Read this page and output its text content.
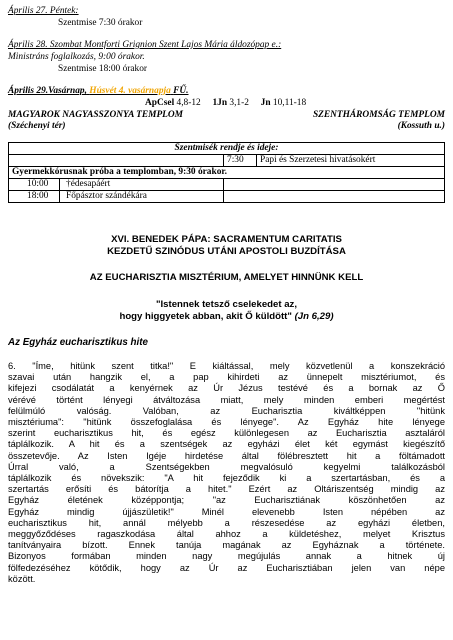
Április 27. Péntek:
Szentmise 7:30 órakor
Április 28. Szombat Montforti Grignion Szent Lajos Mária áldozópap e.:
Ministráns foglalkozás, 9:00 órakor.
Szentmise 18:00 órakor
Április 29.Vasárnap, Húsvét 4. vasárnapja FŰ.
ApCsel 4,8-12 1Jn 3,1-2 Jn 10,11-18
MAGYAROK NAGYASSZONYA TEMPLOM	SZENTHÁROMSÁG TEMPLOM
(Széchenyi tér)	(Kossuth u.)
Szentmisék rendje és ideje:		
	7:30	Papi és Szerzetesi hivatásokért
Gyermekkórusnak próba a templomban, 9:30 órakor.		
10:00 †édesapáért		
18:00 Főpásztor szándékára		
XVI. BENEDEK PÁPA: SACRAMENTUM CARITATIS
KEZDETŰ SZINÓDUS UTÁNI APOSTOLI BUZDÍTÁSA
AZ EUCHARISZTIA MISZTÉRIUM, AMELYET HINNÜNK KELL
"Istennek tetsző cselekedet az,
hogy higgyetek abban, akit Ő küldött" (Jn 6,29)
Az Egyház eucharisztikus hite
6. "Íme, hitünk szent titka!" E kiáltással, mely közvetlenül a konszekráció
szavai után hangzik el, a pap kihirdeti az ünnepelt misztériumot, és
kifejezi csodálatát a kenyérnek az Úr Jézus testévé és a bornak az Ő
vérévé történt lényegi átváltozása miatt, mely minden emberi megértést
felülmúló valóság. Valóban, az Eucharisztia kiváltképpen "hitünk
misztériuma": "hitünk összefoglalása és lényege". Az Egyház hite lényege
szerint eucharisztikus hit, és egész különlegesen az Eucharisztia asztaláról
táplálkozik. A hit és a szentségek az egyházi élet két egymást kiegészítő
összetevője. Az Isten Igéje hirdetése által fölébresztett hit a föltámadott
Úrral való, a Szentségekben megvalósuló kegyelmi találkozásból
táplálkozik és növekszik: "A hit fejeződik ki a szertartásban, és a
szertartás erősíti és bátorítja a hitet." Ezért az Oltáriszentség mindig az
Egyház életének középpontja; "az Eucharisztiának köszönhetően az
Egyház mindig újjászületik!" Minél elevenebb Isten népében az
eucharisztikus hit, annál mélyebb a részesedése az egyházi életben,
meggyőződéses ragaszkodása által ahhoz a küldetéshez, melyet Krisztus
tanítványaira bízott. Ennek tanúja magának az Egyháznak a története.
Bizonyos formában minden nagy megújulás annak a hitnek új
fölfedezéséhez kötődik, hogy az Úr az Eucharisztiában jelen van népe
között.
